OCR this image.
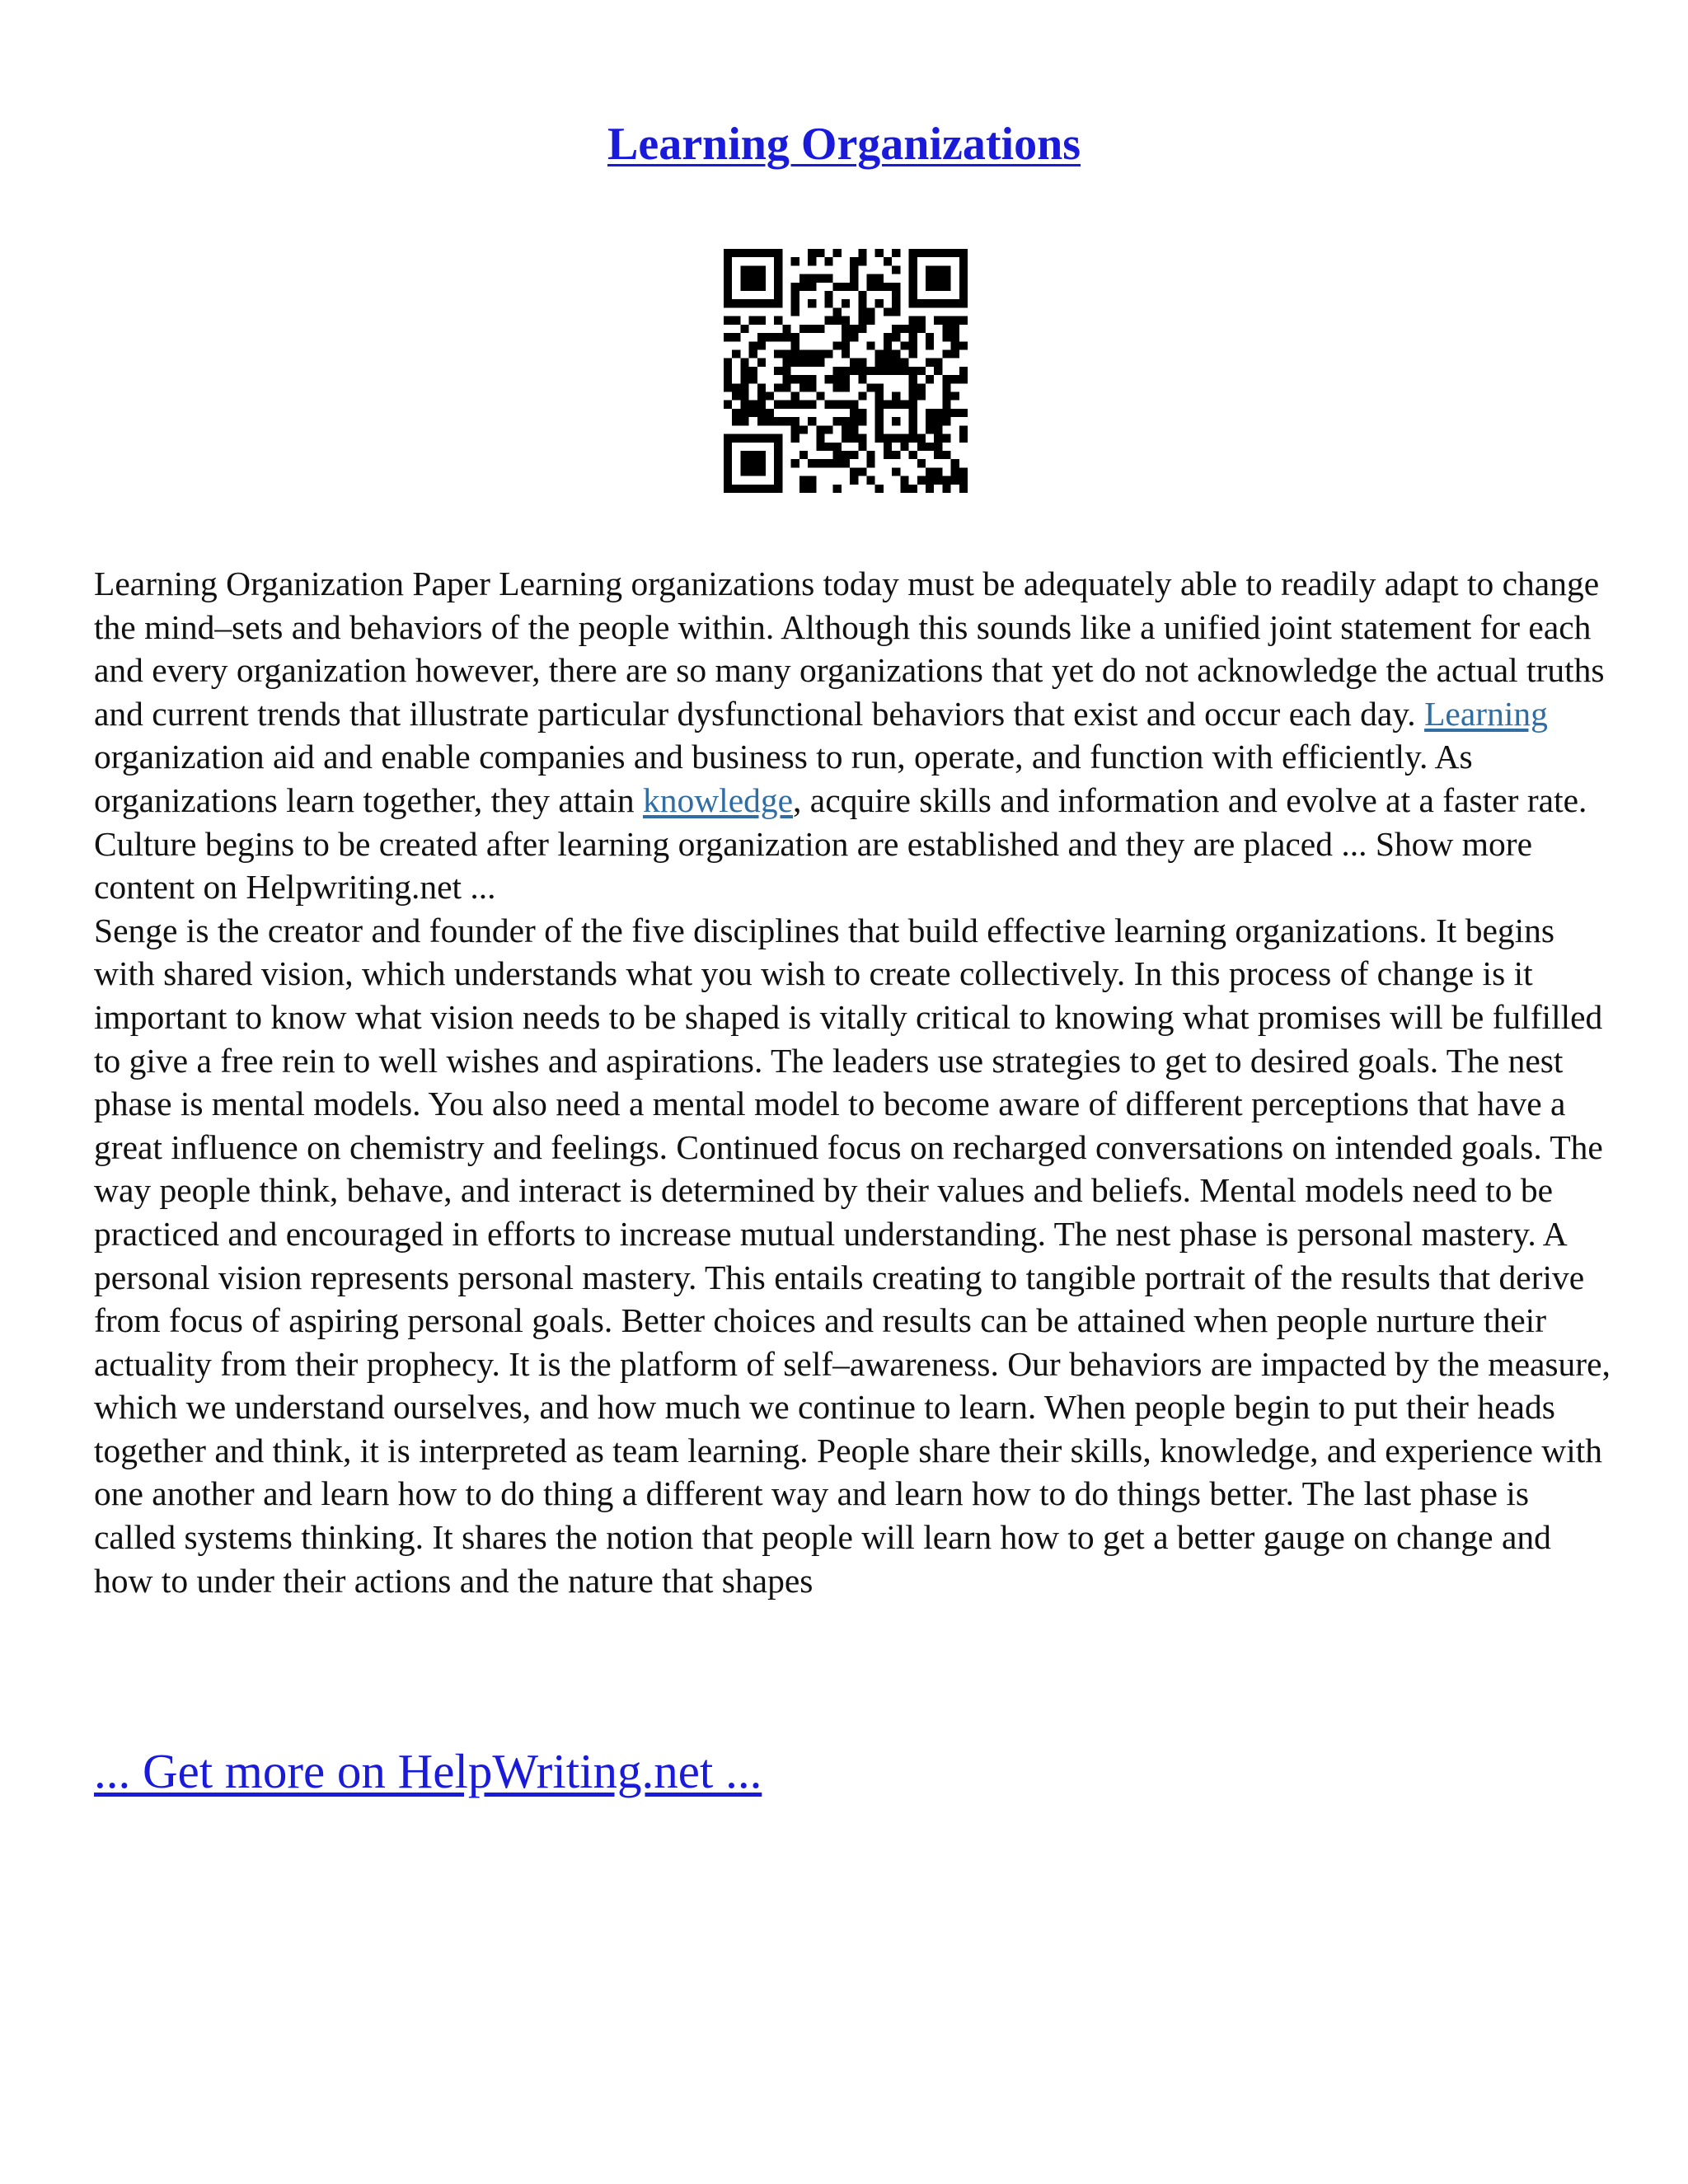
Learning Organizations

Learning Organization Paper Learning organizations today must be adequately able to readily adapt to change the mind–sets and behaviors of the people within. Although this sounds like a unified joint statement for each and every organization however, there are so many organizations that yet do not acknowledge the actual truths and current trends that illustrate particular dysfunctional behaviors that exist and occur each day. Learning organization aid and enable companies and business to run, operate, and function with efficiently. As organizations learn together, they attain knowledge, acquire skills and information and evolve at a faster rate. Culture begins to be created after learning organization are established and they are placed ... Show more content on Helpwriting.net ...
Senge is the creator and founder of the five disciplines that build effective learning organizations. It begins with shared vision, which understands what you wish to create collectively. In this process of change is it important to know what vision needs to be shaped is vitally critical to knowing what promises will be fulfilled to give a free rein to well wishes and aspirations. The leaders use strategies to get to desired goals. The nest phase is mental models. You also need a mental model to become aware of different perceptions that have a great influence on chemistry and feelings. Continued focus on recharged conversations on intended goals. The way people think, behave, and interact is determined by their values and beliefs. Mental models need to be practiced and encouraged in efforts to increase mutual understanding. The nest phase is personal mastery. A personal vision represents personal mastery. This entails creating to tangible portrait of the results that derive from focus of aspiring personal goals. Better choices and results can be attained when people nurture their actuality from their prophecy. It is the platform of self–awareness. Our behaviors are impacted by the measure, which we understand ourselves, and how much we continue to learn. When people begin to put their heads together and think, it is interpreted as team learning. People share their skills, knowledge, and experience with one another and learn how to do thing a different way and learn how to do things better. The last phase is called systems thinking. It shares the notion that people will learn how to get a better gauge on change and how to under their actions and the nature that shapes

... Get more on HelpWriting.net ...
